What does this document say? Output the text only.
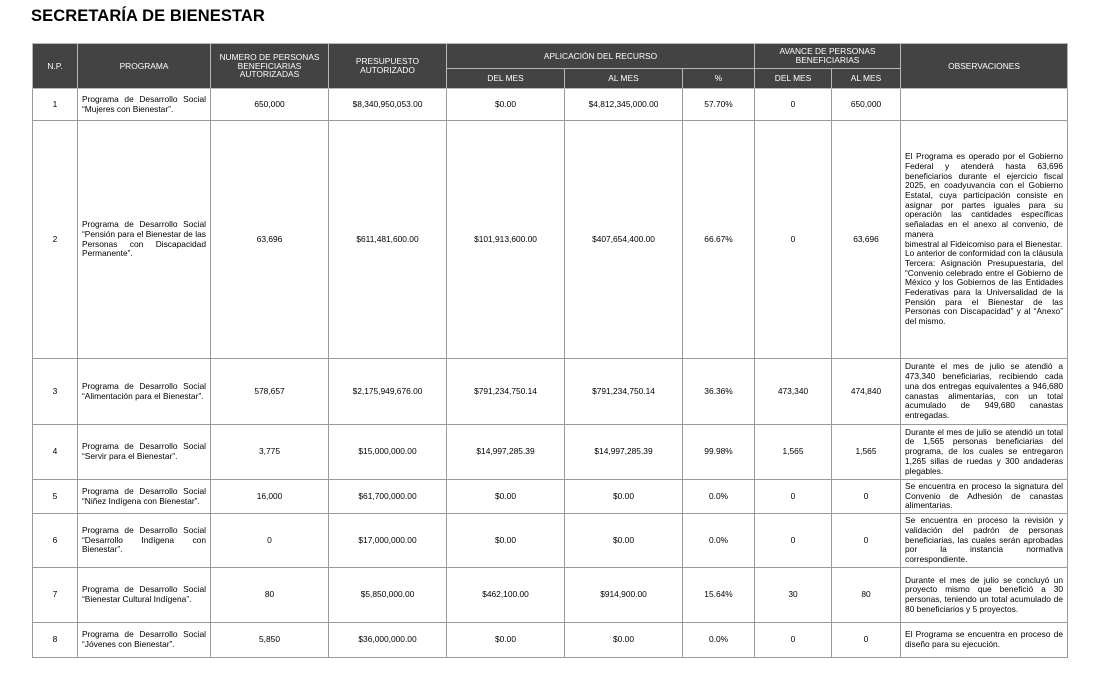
SECRETARÍA DE BIENESTAR
N.P.	PROGRAMA	NUMERO DE PERSONAS BENEFICIARIAS AUTORIZADAS	PRESUPUESTO AUTORIZADO	APLICACIÓN DEL RECURSO			AVANCE DE PERSONAS BENEFICIARIAS		OBSERVACIONES
				DEL MES	AL MES	%	DEL MES	AL MES	
1	Programa de Desarrollo Social “Mujeres con Bienestar”.	650,000	$8,340,950,053.00	$0.00	$4,812,345,000.00	57.70%	0	650,000	

2	Programa de Desarrollo Social “Pensión para el Bienestar de las Personas con Discapacidad Permanente”.	63,696	$611,481,600.00	$101,913,600.00	$407,654,400.00	66.67%	0	63,696	El Programa es operado por el Gobierno Federal y atenderá hasta 63,696 beneficiarios durante el ejercicio fiscal 2025, en coadyuvancia con el Gobierno Estatal, cuya participación consiste en asignar por partes iguales para su operación las cantidades específicas señaladas en el anexo al convenio, de manera

bimestral al Fideicomiso para el Bienestar.

Lo anterior de conformidad con la cláusula Tercera: Asignación Presupuestaria, del “Convenio celebrado entre el Gobierno de México y los Gobiernos de las Entidades Federativas para la Universalidad de la Pensión para el Bienestar de las Personas con Discapacidad” y al “Anexo” del mismo.

3	Programa de Desarrollo Social “Alimentación para el Bienestar”.	578,657	$2,175,949,676.00	$791,234,750.14	$791,234,750.14	36.36%	473,340	474,840	Durante el mes de julio se atendió a 473,340 beneficiarias, recibiendo cada una dos entregas equivalentes a 946,680 canastas alimentarias, con un total acumulado de 949,680 canastas entregadas.

4	Programa de Desarrollo Social “Servir para el Bienestar”.	3,775	$15,000,000.00	$14,997,285.39	$14,997,285.39	99.98%	1,565	1,565	Durante el mes de julio se atendió un total de 1,565 personas beneficiarias del programa, de los cuales se entregaron 1,265 sillas de ruedas y 300 andaderas plegables.

5	Programa de Desarrollo Social “Niñez Indígena con Bienestar”.	16,000	$61,700,000.00	$0.00	$0.00	0.0%	0	0	Se encuentra en proceso la signatura del Convenio de Adhesión de canastas alimentarias.

6	Programa de Desarrollo Social “Desarrollo Indígena con Bienestar”.	0	$17,000,000.00	$0.00	$0.00	0.0%	0	0	Se encuentra en proceso la revisión y validación del padrón de personas beneficiarias, las cuales serán aprobadas por la instancia normativa correspondiente.

7	Programa de Desarrollo Social “Bienestar Cultural Indígena”.	80	$5,850,000.00	$462,100.00	$914,900.00	15.64%	30	80	Durante el mes de julio se concluyó un proyecto mismo que benefició a 30 personas, teniendo un total acumulado de 80 beneficiarios y 5 proyectos.

8	Programa de Desarrollo Social “Jóvenes con Bienestar”.	5,850	$36,000,000.00	$0.00	$0.00	0.0%	0	0	El Programa se encuentra en proceso de diseño para su ejecución.
